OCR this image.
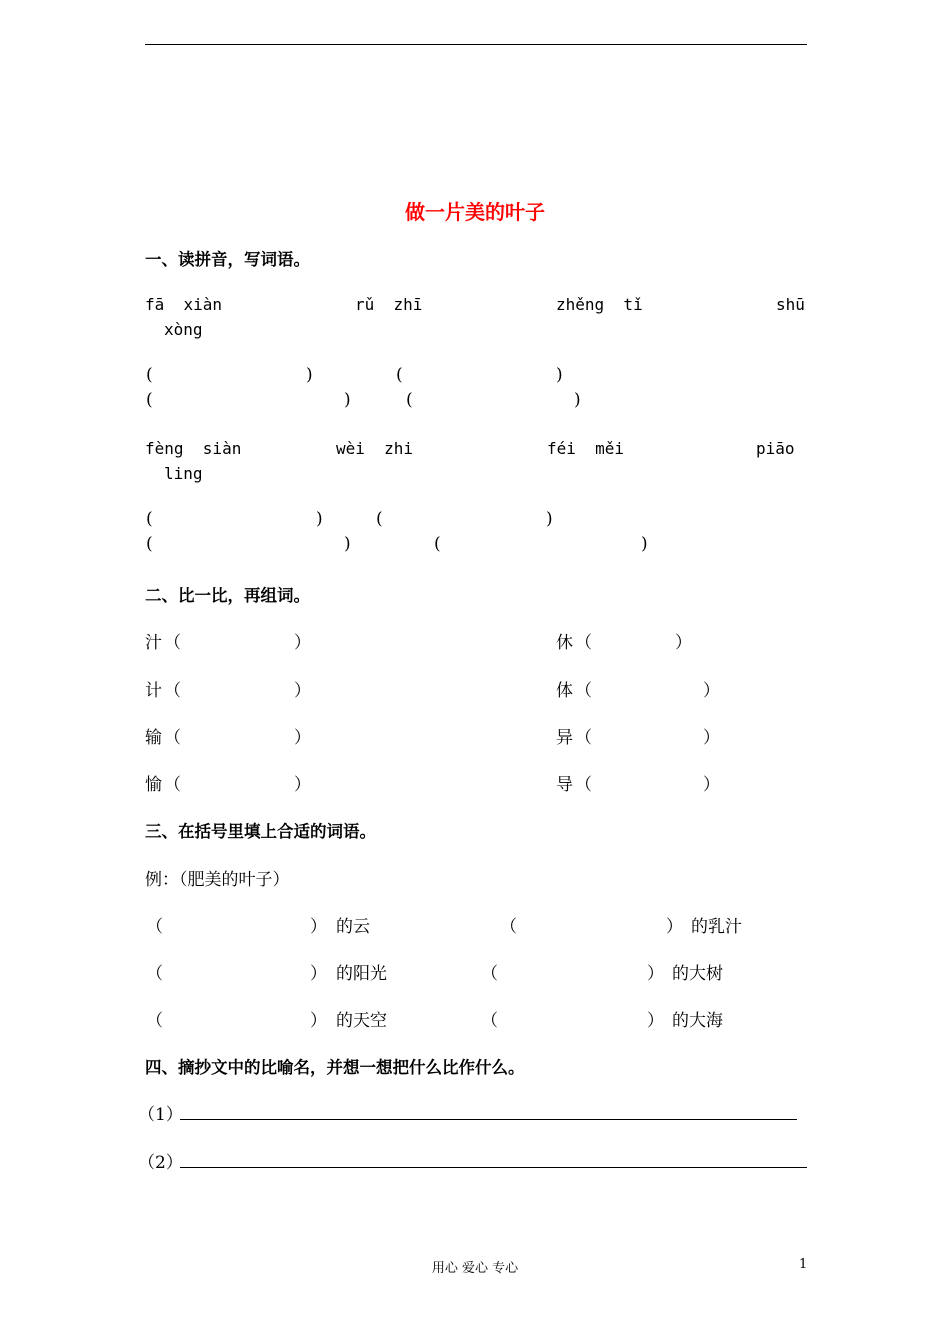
做一片美的叶子
一、读拼音，写词语。
fā  xiàn	rǔ  zhī	zhěng  tǐ	shū
xòng
(	)	(	)
(	)	(	)
fèng  siàn	wèi  zhi	féi  měi	piāo
ling
(	)	(	)
(	)	(	)
二、比一比，再组词。
汁 （	）	休 （	）
计 （	）	体 （	）
输 （	）	异 （	）
愉 （	）	导 （	）
三、在括号里填上合适的词语。
例：（肥美的叶子）
（	） 的云	（	） 的乳汁
（	） 的阳光	（	） 的大树
（	） 的天空	（	） 的大海
四、摘抄文中的比喻名，并想一想把什么比作什么。
（1）
（2）
用心 爱心 专心	1
